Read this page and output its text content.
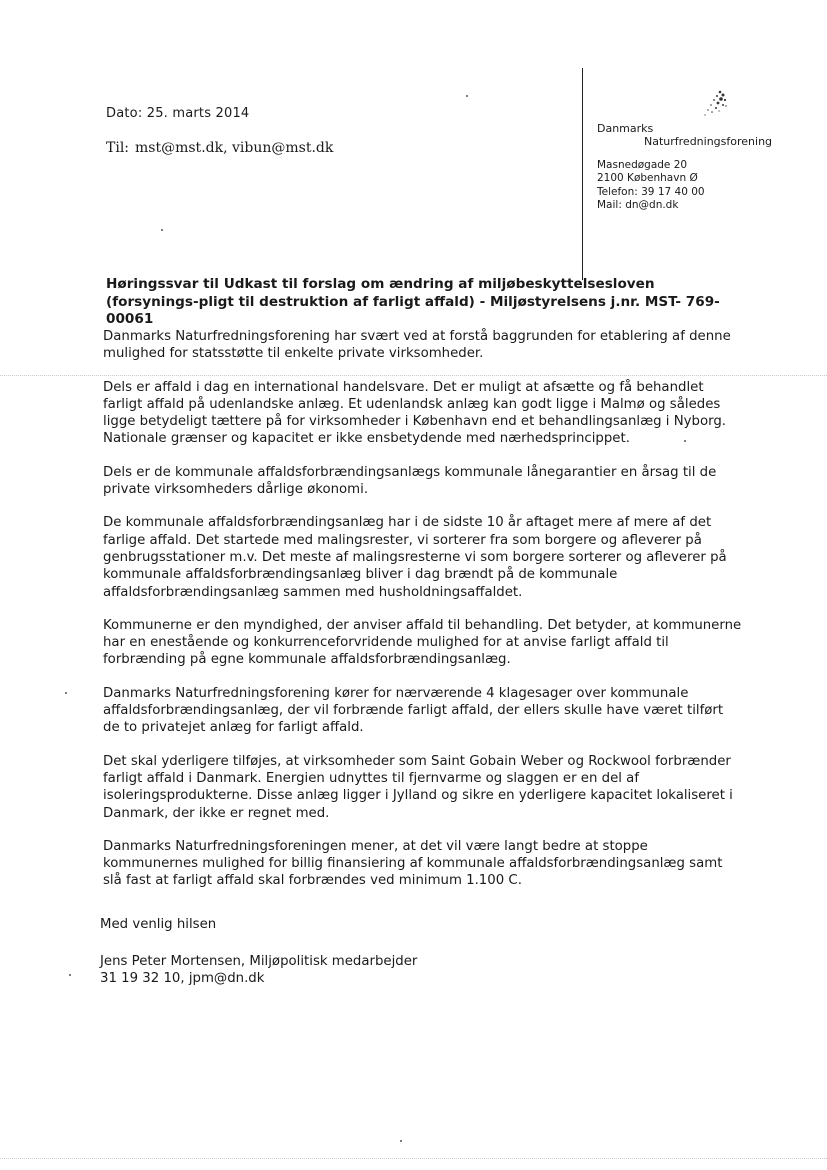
Dato: 25. marts 2014
Til: mst@mst.dk, vibun@mst.dk
Danmarks
Naturfredningsforening
Masnedøgade 20
2100 København Ø
Telefon: 39 17 40 00
Mail: dn@dn.dk
Høringssvar til Udkast til forslag om ændring af miljøbeskyttelsesloven (forsynings-pligt til destruktion af farligt affald) - Miljøstyrelsens j.nr. MST- 769-00061

Danmarks Naturfredningsforening har svært ved at forstå baggrunden for etablering af denne mulighed for statsstøtte til enkelte private virksomheder.

Dels er affald i dag en international handelsvare. Det er muligt at afsætte og få behandlet farligt affald på udenlandske anlæg. Et udenlandsk anlæg kan godt ligge i Malmø og således ligge betydeligt tættere på for virksomheder i København end et behandlingsanlæg i Nyborg. Nationale grænser og kapacitet er ikke ensbetydende med nærhedsprincippet.

Dels er de kommunale affaldsforbrændingsanlægs kommunale lånegarantier en årsag til de private virksomheders dårlige økonomi.

De kommunale affaldsforbrændingsanlæg har i de sidste 10 år aftaget mere af mere af det farlige affald. Det startede med malingsrester, vi sorterer fra som borgere og afleverer på genbrugsstationer m.v. Det meste af malingsresterne vi som borgere sorterer og afleverer på kommunale affaldsforbrændingsanlæg bliver i dag brændt på de kommunale affaldsforbrændingsanlæg sammen med husholdningsaffaldet.

Kommunerne er den myndighed, der anviser affald til behandling. Det betyder, at kommunerne har en enestående og konkurrenceforvridende mulighed for at anvise farligt affald til forbrænding på egne kommunale affaldsforbrændingsanlæg.

Danmarks Naturfredningsforening kører for nærværende 4 klagesager over kommunale affaldsforbrændingsanlæg, der vil forbrænde farligt affald, der ellers skulle have været tilført de to privatejet anlæg for farligt affald.

Det skal yderligere tilføjes, at virksomheder som Saint Gobain Weber og Rockwool forbrænder farligt affald i Danmark. Energien udnyttes til fjernvarme og slaggen er en del af isoleringsprodukterne. Disse anlæg ligger i Jylland og sikre en yderligere kapacitet lokaliseret i Danmark, der ikke er regnet med.

Danmarks Naturfredningsforeningen mener, at det vil være langt bedre at stoppe kommunernes mulighed for billig finansiering af kommunale affaldsforbrændingsanlæg samt slå fast at farligt affald skal forbrændes ved minimum 1.100 C.

Med venlig hilsen
Jens Peter Mortensen, Miljøpolitisk medarbejder
31 19 32 10, jpm@dn.dk
